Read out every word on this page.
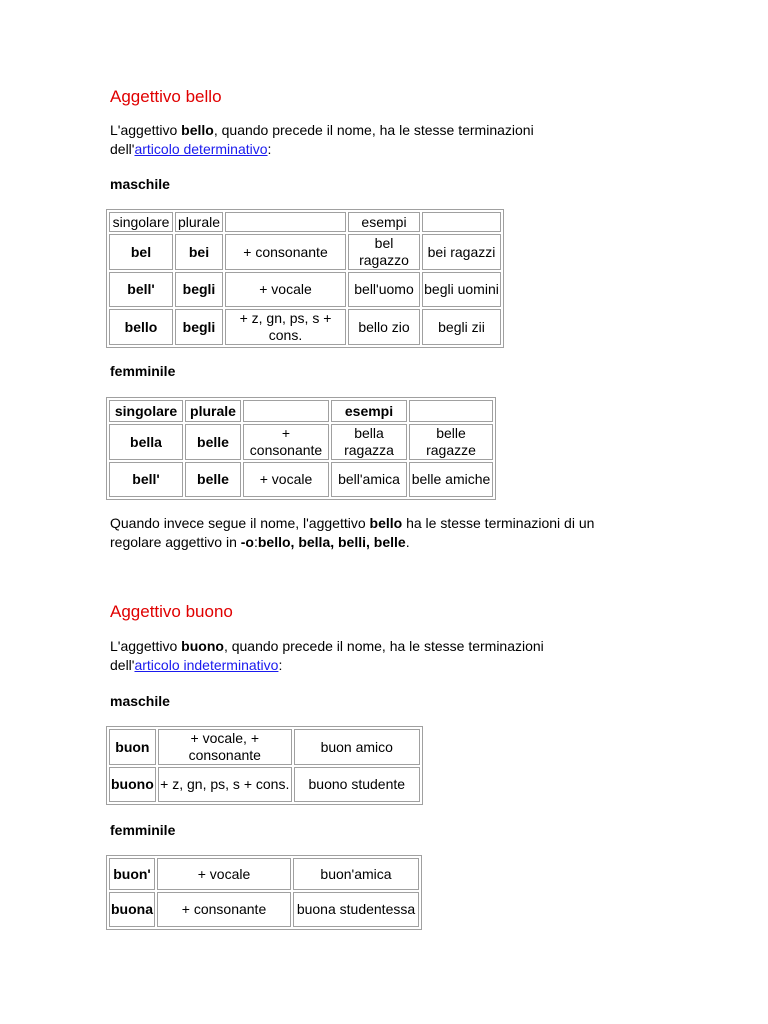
Aggettivo bello

L'aggettivo bello, quando precede il nome, ha le stesse terminazioni
dell'articolo determinativo:

maschile
singolare	plurale		esempi	
bel	bei	+ consonante	bel ragazzo	bei ragazzi
bell'	begli	+ vocale	bell'uomo	begli uomini
bello	begli	+ z, gn, ps, s + cons.	bello zio	begli zii
femminile
singolare	plurale		esempi	
bella	belle	+ consonante	bella ragazza	belle ragazze
bell'	belle	+ vocale	bell'amica	belle amiche

Quando invece segue il nome, l'aggettivo bello ha le stesse terminazioni di un
regolare aggettivo in -o:bello, bella, belli, belle.

Aggettivo buono

L'aggettivo buono, quando precede il nome, ha le stesse terminazioni
dell'articolo indeterminativo:

maschile
buon	+ vocale, + consonante	buon amico
buono	+ z, gn, ps, s + cons.	buono studente
femminile
buon'	+ vocale	buon'amica
buona	+ consonante	buona studentessa
